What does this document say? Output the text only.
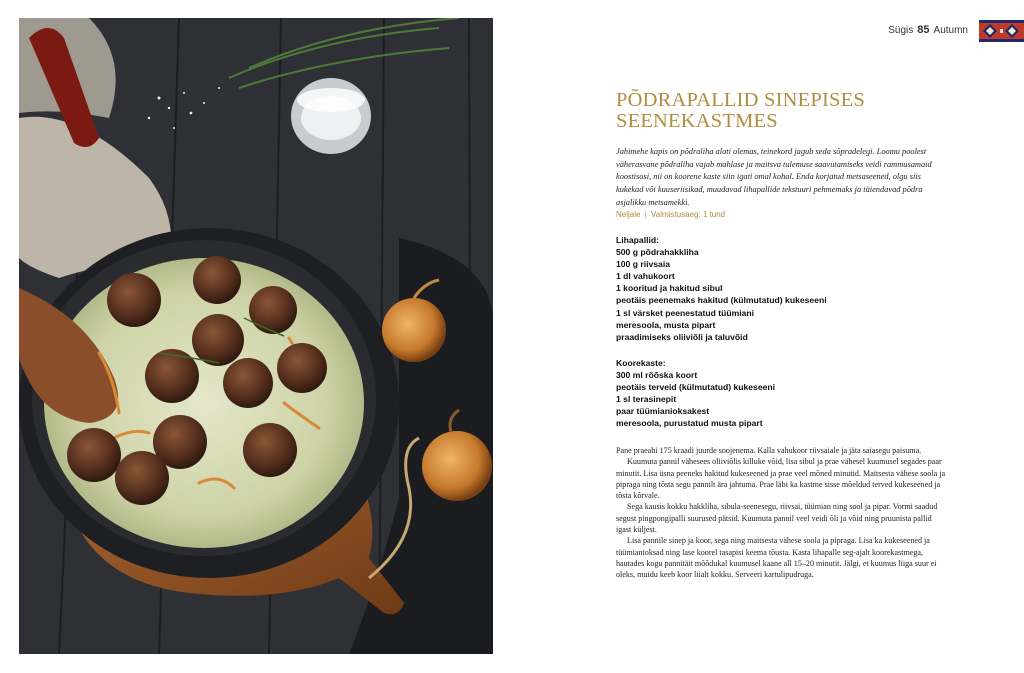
Sügis 85 Autumn
PÕDRAPALLID SINEPISES
SEENEKASTMES
Jahimehe kapis on põdraliha alati olemas, teinekord jagub seda sõpradelegi. Loomu poolest väherasvane põdraliha vajab mahlase ja maitsva tulemuse saavutamiseks veidi rammusamaid koostisosi, nii on koorene kaste siin igati omal kohal. Enda korjatud metsaseened, olgu siis kukekad või kuuseriisikad, muudavad lihapallide tekstuuri pehmemaks ja täiendavad põdra asjalikku metsamekki.
Neljale | Valmistusaeg: 1 tund
Lihapallid:
500 g põdrahakkliha
100 g riivsaia
1 dl vahukoort
1 kooritud ja hakitud sibul
peotäis peenemaks hakitud (külmutatud) kukeseeni
1 sl värsket peenestatud tüümiani
meresoola, musta pipart
praadimiseks oliiviõli ja taluvõid
Koorekaste:
300 ml rõõska koort
peotäis terveid (külmutatud) kukeseeni
1 sl terasinepit
paar tüümianioksakest
meresoola, purustatud musta pipart

Pane praeahi 175 kraadi juurde soojenema. Kalla vahukoor riivsaiale ja jäta saiasegu paisuma.

Kuumuta pannil vähesees oliiviõlis killuke võid, lisa sibul ja prae vähesel kuumusel segades paar minutit. Lisa üsna peeneks hakitud kukeseened ja prae veel mõned minutid. Maitsesta vähese soola ja pipraga ning tõsta segu pannilt ära jahtuma. Prae läbi ka kastme sisse mõeldud terved kukeseened ja tõsta kõrvale.

Sega kausis kokku hakkliha, sibula-seenesegu, riivsai, tüümian ning sool ja pipar. Vormi saadud segust pingpongipalli suurused pätsid. Kuumuta pannil veel veidi õli ja võid ning pruunista pallid igast küljest.

Lisa pannile sinep ja koor, sega ning maitsesta vähese soola ja pipraga. Lisa ka kukeseened ja tüümianioksad ning lase koorel tasapisi keema tõusta. Kasta lihapalle seg-ajalt koorekastmega, hautades kogu pannitäit mõõdukal kuumusel kaane all 15–20 minutit. Jälgi, et kuumus liiga suur ei oleks, muidu keeb koor liialt kokku. Serveeri kartulipudruga.
